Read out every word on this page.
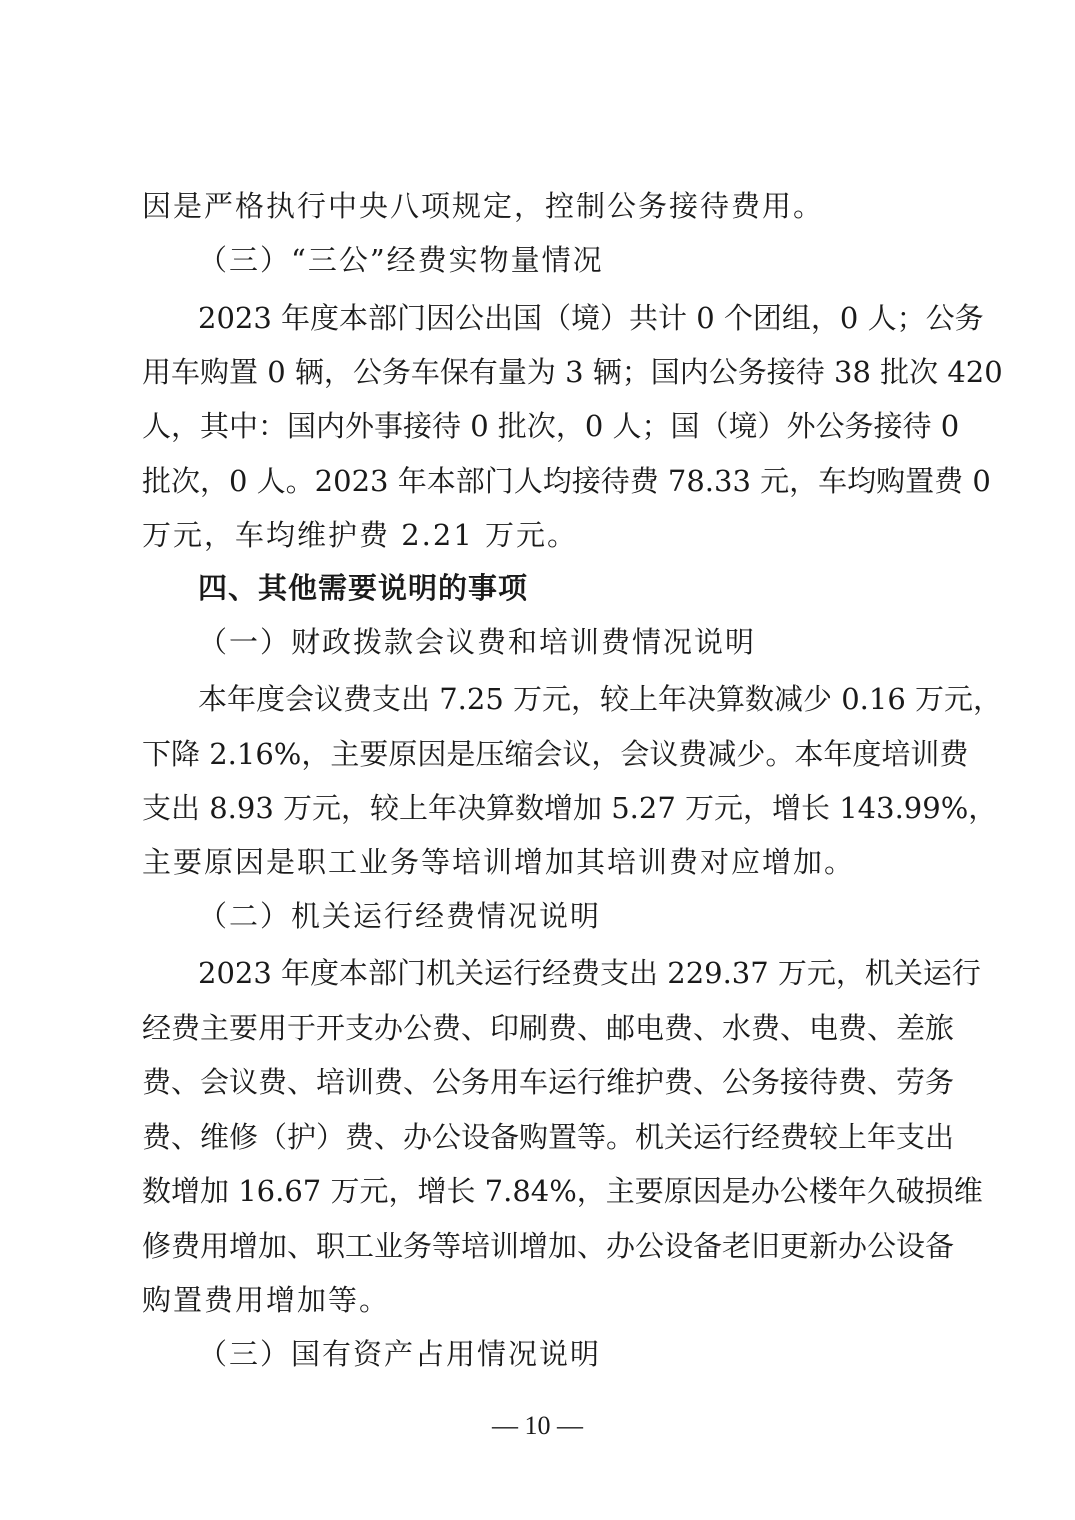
因是严格执行中央八项规定，控制公务接待费用。
（三）“三公”经费实物量情况
2023 年度本部门因公出国（境）共计 0 个团组，0 人；公务
用车购置 0 辆，公务车保有量为 3 辆；国内公务接待 38 批次 420
人，其中：国内外事接待 0 批次，0 人；国（境）外公务接待 0
批次，0 人。2023 年本部门人均接待费 78.33 元，车均购置费 0
万元，车均维护费 2.21 万元。
四、其他需要说明的事项
（一）财政拨款会议费和培训费情况说明
本年度会议费支出 7.25 万元，较上年决算数减少 0.16 万元，
下降 2.16%，主要原因是压缩会议，会议费减少。本年度培训费
支出 8.93 万元，较上年决算数增加 5.27 万元，增长 143.99%，
主要原因是职工业务等培训增加其培训费对应增加。
（二）机关运行经费情况说明
2023 年度本部门机关运行经费支出 229.37 万元，机关运行
经费主要用于开支办公费、印刷费、邮电费、水费、电费、差旅
费、会议费、培训费、公务用车运行维护费、公务接待费、劳务
费、维修（护）费、办公设备购置等。机关运行经费较上年支出
数增加 16.67 万元，增长 7.84%，主要原因是办公楼年久破损维
修费用增加、职工业务等培训增加、办公设备老旧更新办公设备
购置费用增加等。
（三）国有资产占用情况说明
— 10 —
